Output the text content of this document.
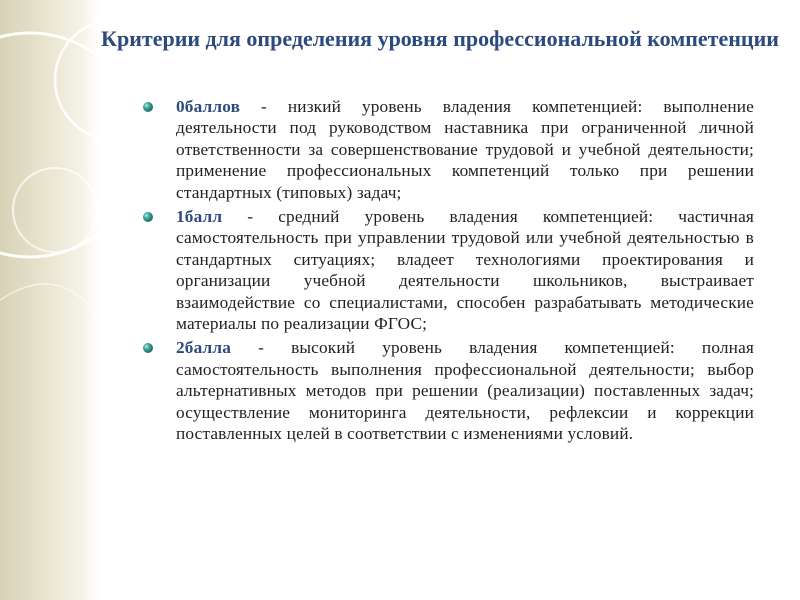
Критерии для определения уровня профессиональной компетенции
0баллов - низкий уровень владения компетенцией: выполнение деятельности под руководством наставника при ограниченной личной ответственности за совершенствование трудовой и учебной деятельности; применение профессиональных компетенций только при решении стандартных (типовых) задач;
1балл - средний уровень владения компетенцией: частичная самостоятельность при управлении трудовой или учебной деятельностью в стандартных ситуациях; владеет технологиями проектирования и организации учебной деятельности школьников, выстраивает взаимодействие со специалистами, способен разрабатывать методические материалы по реализации ФГОС;
2балла - высокий уровень владения компетенцией: полная самостоятельность выполнения профессиональной деятельности; выбор альтернативных методов при решении (реализации) поставленных задач; осуществление мониторинга деятельности, рефлексии и коррекции поставленных целей в соответствии с изменениями условий.
